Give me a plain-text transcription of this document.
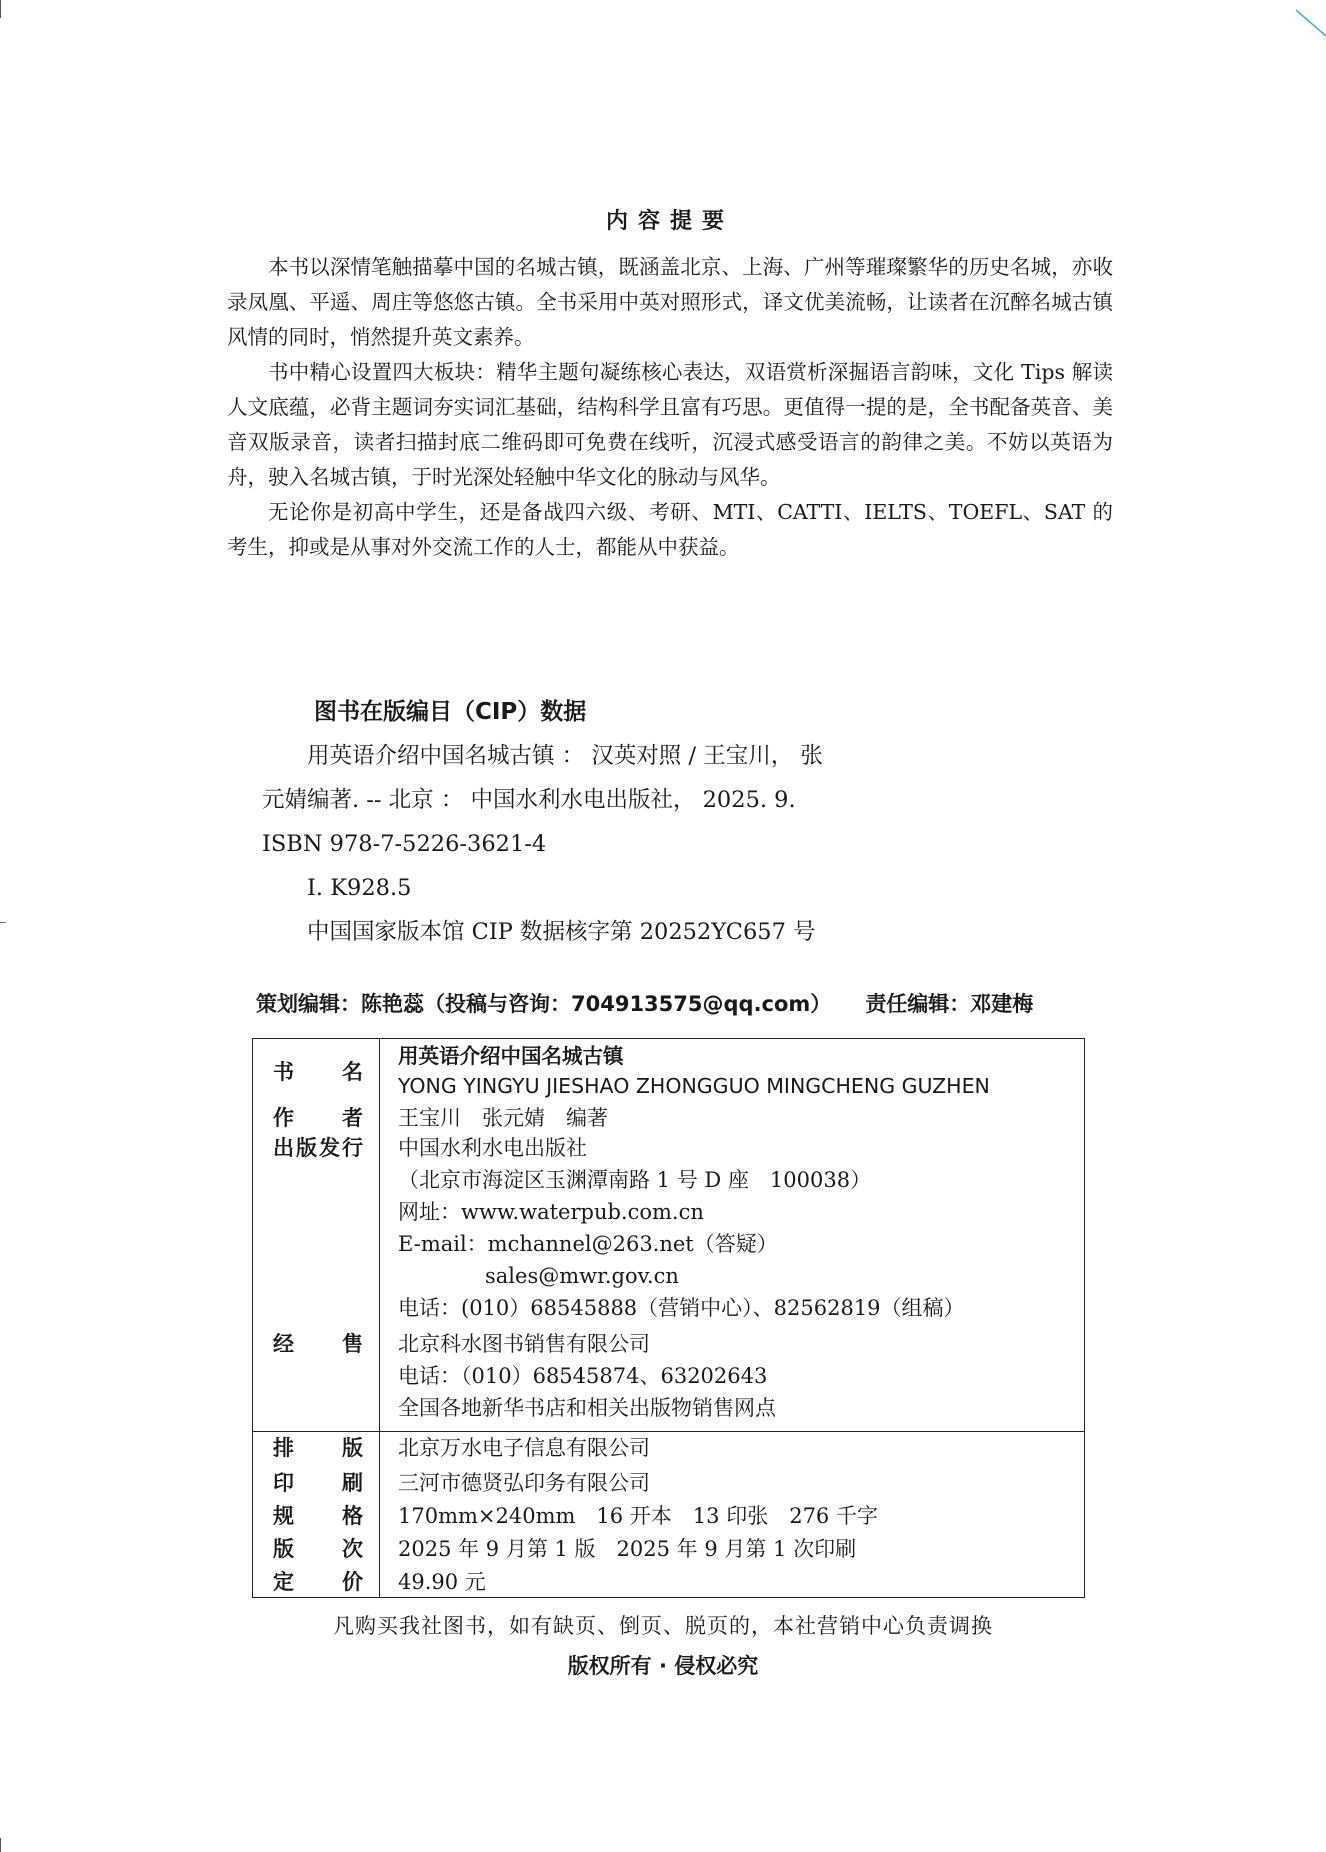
内容提要

本书以深情笔触描摹中国的名城古镇，既涵盖北京、上海、广州等璀璨繁华的历史名城，亦收录凤凰、平遥、周庄等悠悠古镇。全书采用中英对照形式，译文优美流畅，让读者在沉醉名城古镇风情的同时，悄然提升英文素养。

书中精心设置四大板块：精华主题句凝练核心表达，双语赏析深掘语言韵味，文化 Tips 解读人文底蕴，必背主题词夯实词汇基础，结构科学且富有巧思。更值得一提的是，全书配备英音、美音双版录音，读者扫描封底二维码即可免费在线听，沉浸式感受语言的韵律之美。不妨以英语为舟，驶入名城古镇，于时光深处轻触中华文化的脉动与风华。

无论你是初高中学生，还是备战四六级、考研、MTI、CATTI、IELTS、TOEFL、SAT 的考生，抑或是从事对外交流工作的人士，都能从中获益。

图书在版编目（CIP）数据
用英语介绍中国名城古镇 ： 汉英对照 / 王宝川， 张
元婧编著. -- 北京 ： 中国水利水电出版社， 2025. 9.
ISBN 978-7-5226-3621-4
Ⅰ. K928.5
中国国家版本馆 CIP 数据核字第 20252YC657 号
策划编辑：陈艳蕊（投稿与咨询：704913575@qq.com） 责任编辑：邓建梅
书名
作者
出版发行
经售
排版
印刷
规格
版次
定价
用英语介绍中国名城古镇
YONG YINGYU JIESHAO ZHONGGUO MINGCHENG GUZHEN
王宝川　张元婧　编著
中国水利水电出版社
（北京市海淀区玉渊潭南路 1 号 D 座　100038）
网址：www.waterpub.com.cn
E-mail：mchannel@263.net（答疑）
sales@mwr.gov.cn
电话：(010）68545888（营销中心）、82562819（组稿）
北京科水图书销售有限公司
电话：（010）68545874、63202643
全国各地新华书店和相关出版物销售网点
北京万水电子信息有限公司
三河市德贤弘印务有限公司
170mm×240mm　16 开本　13 印张　276 千字
2025 年 9 月第 1 版　2025 年 9 月第 1 次印刷
49.90 元
凡购买我社图书，如有缺页、倒页、脱页的，本社营销中心负责调换
版权所有 · 侵权必究
